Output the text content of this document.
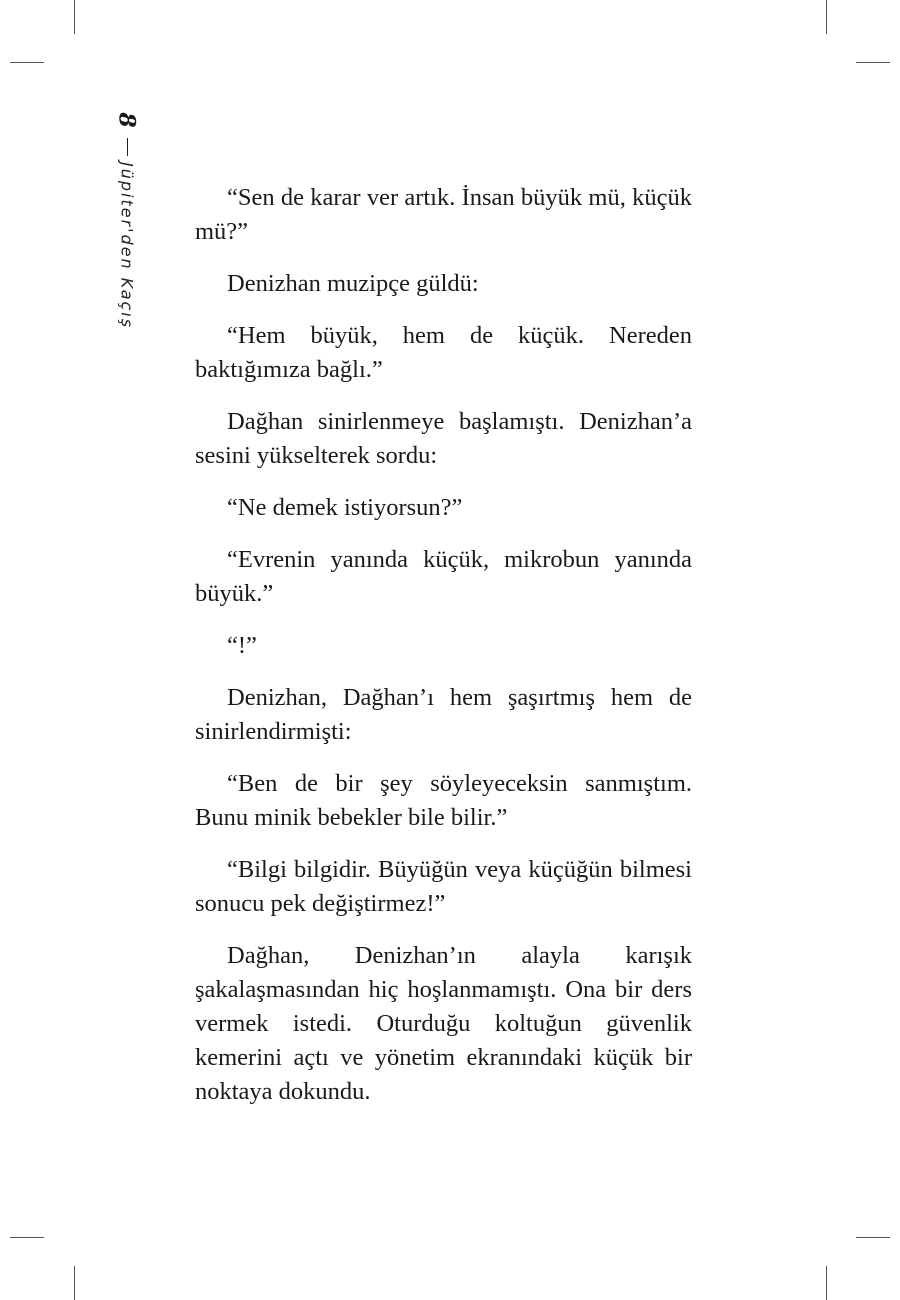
8
Jüpiter'den Kaçış	“Sen de karar ver artık. İnsan büyük mü, küçük mü?”

Denizhan muzipçe güldü:

“Hem büyük, hem de küçük. Nereden baktığımıza bağlı.”

Dağhan sinirlenmeye başlamıştı. Denizhan’a sesini yükselterek sordu:

“Ne demek istiyorsun?”

“Evrenin yanında küçük, mikrobun yanında büyük.”

“!”

Denizhan, Dağhan’ı hem şaşırtmış hem de sinirlendirmişti:

“Ben de bir şey söyleyeceksin sanmıştım. Bunu minik bebekler bile bilir.”

“Bilgi bilgidir. Büyüğün veya küçüğün bilmesi sonucu pek değiştirmez!”

Dağhan, Denizhan’ın alayla karışık şakalaşmasından hiç hoşlanmamıştı. Ona bir ders vermek istedi. Oturduğu koltuğun güvenlik kemerini açtı ve yönetim ekranındaki küçük bir noktaya dokundu.
